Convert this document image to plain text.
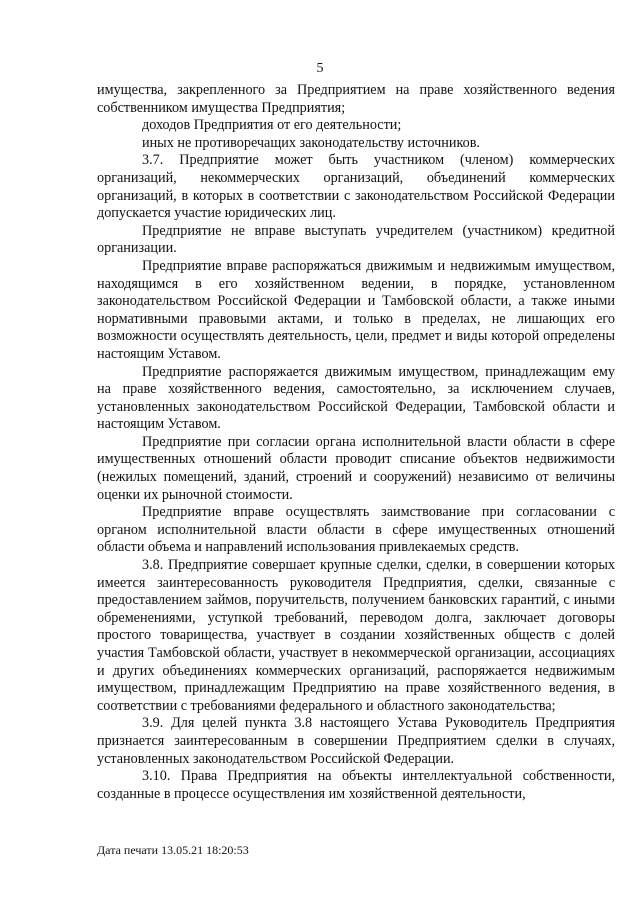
5

имущества, закрепленного за Предприятием на праве хозяйственного ведения собственником имущества Предприятия;

доходов Предприятия от его деятельности;

иных не противоречащих законодательству источников.

3.7. Предприятие может быть участником (членом) коммерческих организаций, некоммерческих организаций, объединений коммерческих организаций, в которых в соответствии с законодательством Российской Федерации допускается участие юридических лиц.

Предприятие не вправе выступать учредителем (участником) кредитной организации.

Предприятие вправе распоряжаться движимым и недвижимым имуществом, находящимся в его хозяйственном ведении, в порядке, установленном законодательством Российской Федерации и Тамбовской области, а также иными нормативными правовыми актами, и только в пределах, не лишающих его возможности осуществлять деятельность, цели, предмет и виды которой определены настоящим Уставом.

Предприятие распоряжается движимым имуществом, принадлежащим ему на праве хозяйственного ведения, самостоятельно, за исключением случаев, установленных законодательством Российской Федерации, Тамбовской области и настоящим Уставом.

Предприятие при согласии органа исполнительной власти области в сфере имущественных отношений области проводит списание объектов недвижимости (нежилых помещений, зданий, строений и сооружений) независимо от величины оценки их рыночной стоимости.

Предприятие вправе осуществлять заимствование при согласовании с органом исполнительной власти области в сфере имущественных отношений области объема и направлений использования привлекаемых средств.

3.8. Предприятие совершает крупные сделки, сделки, в совершении которых имеется заинтересованность руководителя Предприятия, сделки, связанные с предоставлением займов, поручительств, получением банковских гарантий, с иными обременениями, уступкой требований, переводом долга, заключает договоры простого товарищества, участвует в создании хозяйственных обществ с долей участия Тамбовской области, участвует в некоммерческой организации, ассоциациях и других объединениях коммерческих организаций, распоряжается недвижимым имуществом, принадлежащим Предприятию на праве хозяйственного ведения, в соответствии с требованиями федерального и областного законодательства;

3.9. Для целей пункта 3.8 настоящего Устава Руководитель Предприятия признается заинтересованным в совершении Предприятием сделки в случаях, установленных законодательством Российской Федерации.

3.10. Права Предприятия на объекты интеллектуальной собственности, созданные в процессе осуществления им хозяйственной деятельности,

Дата печати 13.05.21 18:20:53
